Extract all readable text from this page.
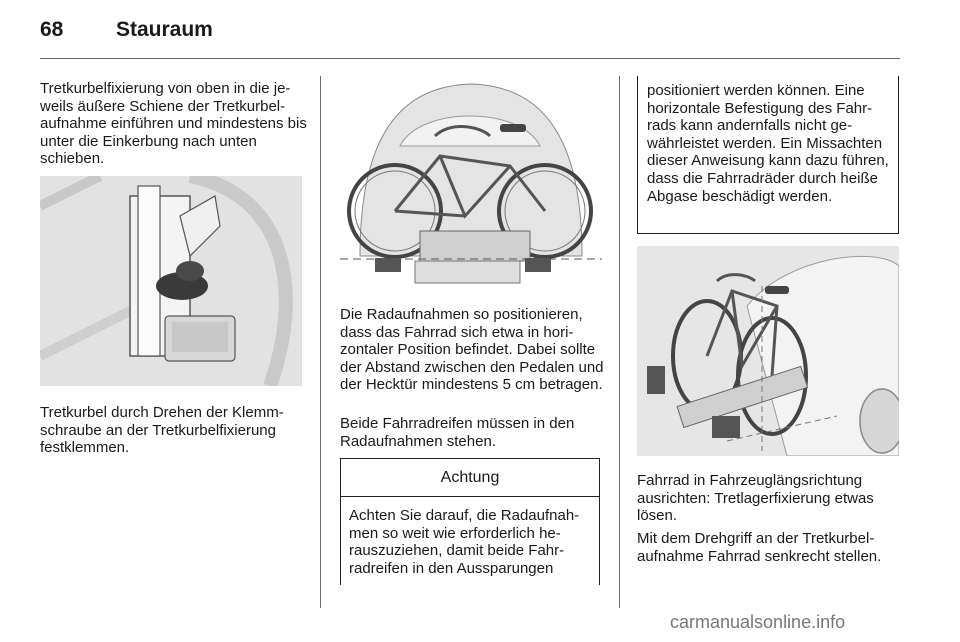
68	Stauraum

Tretkurbelfixierung von oben in die jeweils äußere Schiene der Tretkurbelaufnahme einführen und mindestens bis unter die Einkerbung nach unten schieben.

Tretkurbel durch Drehen der Klemmschraube an der Tretkurbelfixierung festklemmen.

Die Radaufnahmen so positionieren, dass das Fahrrad sich etwa in horizontaler Position befindet. Dabei sollte der Abstand zwischen den Pedalen und der Hecktür mindestens 5 cm betragen.

Beide Fahrradreifen müssen in den Radaufnahmen stehen.

Achtung

Achten Sie darauf, die Radaufnahmen so weit wie erforderlich herauszuziehen, damit beide Fahrradreifen in den Aussparungen

positioniert werden können. Eine horizontale Befestigung des Fahrrads kann andernfalls nicht gewährleistet werden. Ein Missachten dieser Anweisung kann dazu führen, dass die Fahrradräder durch heiße Abgase beschädigt werden.

Fahrrad in Fahrzeuglängsrichtung ausrichten: Tretlagerfixierung etwas lösen.

Mit dem Drehgriff an der Tretkurbelaufnahme Fahrrad senkrecht stellen.

carmanualsonline.info
